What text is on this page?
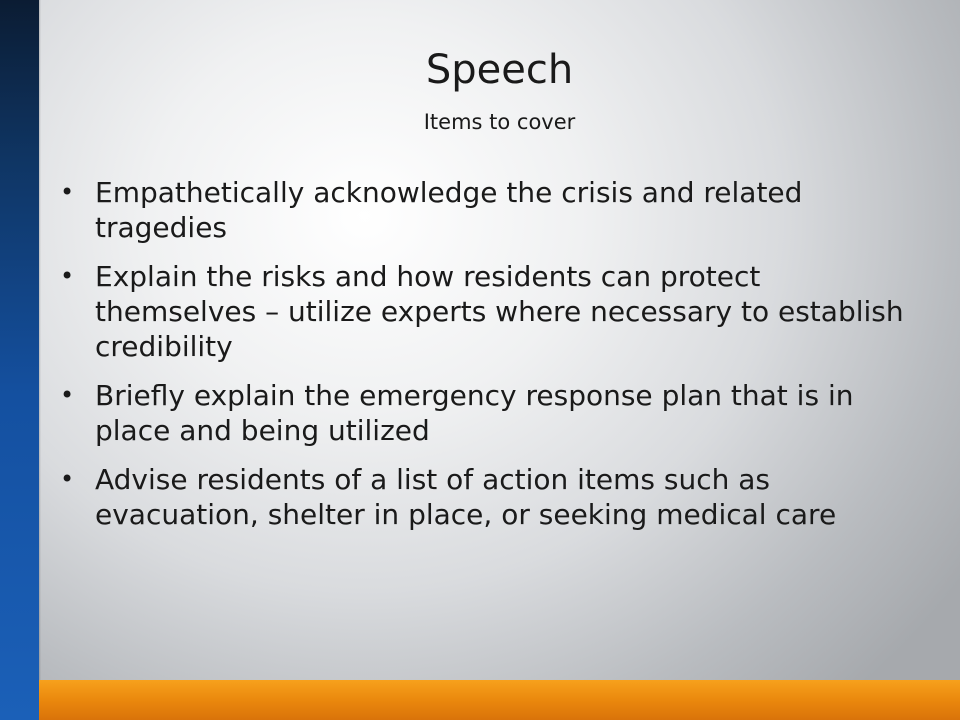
Speech
Items to cover
• Empathetically acknowledge the crisis and related tragedies
• Explain the risks and how residents can protect themselves – utilize experts where necessary to establish credibility
• Briefly explain the emergency response plan that is in place and being utilized
• Advise residents of a list of action items such as evacuation, shelter in place, or seeking medical care
